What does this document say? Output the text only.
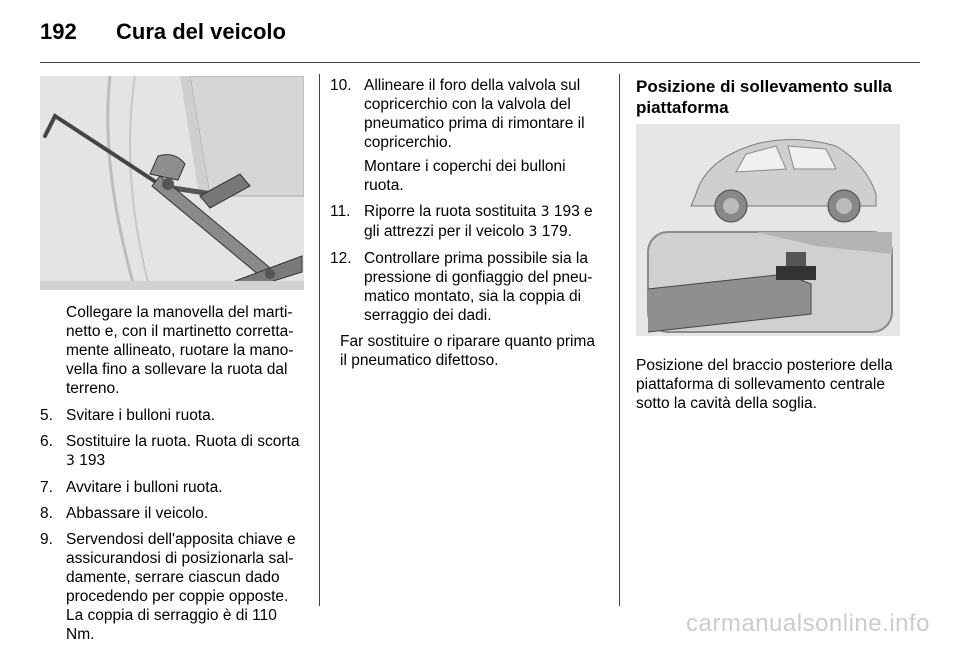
192	Cura del veicolo

Collegare la manovella del marti-netto e, con il martinetto corretta-mente allineato, ruotare la mano-vella fino a sollevare la ruota dal terreno.

5. Svitare i bulloni ruota.
6. Sostituire la ruota. Ruota di scorta
3 193
7. Avvitare i bulloni ruota.
8. Abbassare il veicolo.
9. Servendosi dell'apposita chiave e assicurandosi di posizionarla sal-damente, serrare ciascun dado procedendo per coppie opposte. La coppia di serraggio è di 110 Nm.
10. Allineare il foro della valvola sul copricerchio con la valvola del pneumatico prima di rimontare il copricerchio.

Montare i coperchi dei bulloni ruota.

11. Riporre la ruota sostituita 3 193 e gli attrezzi per il veicolo 3 179.
12. Controllare prima possibile sia la pressione di gonfiaggio del pneu-matico montato, sia la coppia di serraggio dei dadi.

Far sostituire o riparare quanto prima il pneumatico difettoso.

Posizione di sollevamento sulla piattaforma

Posizione del braccio posteriore della piattaforma di sollevamento centrale sotto la cavità della soglia.

carmanualsonline.info
